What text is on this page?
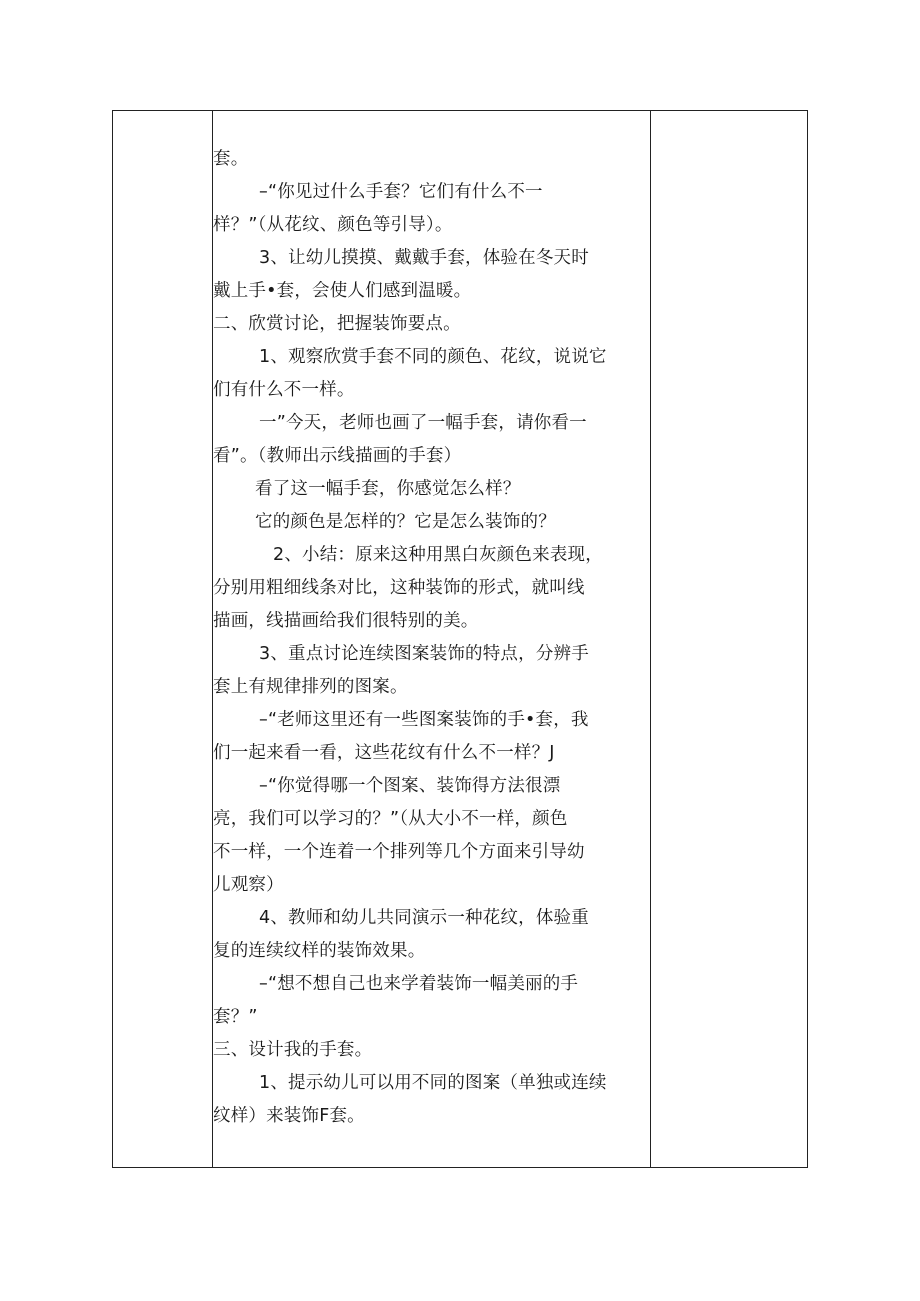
套。
–“你见过什么手套？它们有什么不一
样？”（从花纹、颜色等引导）。
3、让幼儿摸摸、戴戴手套，体验在冬天时
戴上手•套，会使人们感到温暖。
二、欣赏讨论，把握装饰要点。
1、观察欣赏手套不同的颜色、花纹，说说它
们有什么不一样。
一”今天，老师也画了一幅手套，请你看一
看”。（教师出示线描画的手套）
看了这一幅手套，你感觉怎么样？
它的颜色是怎样的？它是怎么装饰的？
2、小结：原来这种用黑白灰颜色来表现，
分别用粗细线条对比，这种装饰的形式，就叫线
描画，线描画给我们很特别的美。
3、重点讨论连续图案装饰的特点，分辨手
套上有规律排列的图案。
–“老师这里还有一些图案装饰的手•套，我
们一起来看一看，这些花纹有什么不一样？J
–“你觉得哪一个图案、装饰得方法很漂
亮，我们可以学习的？”（从大小不一样，颜色
不一样，一个连着一个排列等几个方面来引导幼
儿观察）
4、教师和幼儿共同演示一种花纹，体验重
复的连续纹样的装饰效果。
–“想不想自己也来学着装饰一幅美丽的手
套？”
三、设计我的手套。
1、提示幼儿可以用不同的图案（单独或连续
纹样）来装饰F套。
